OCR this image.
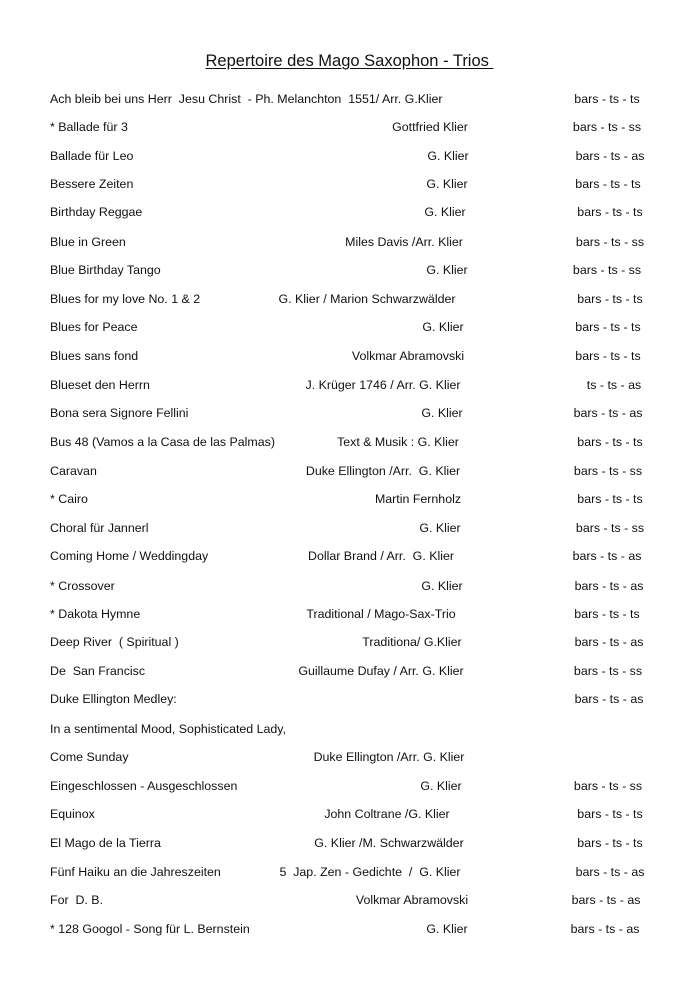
Repertoire des Mago Saxophon - Trios
Ach bleib bei uns Herr  Jesu Christ  - Ph. Melanchton  1551/ Arr. G.Klier	bars - ts - ts
* Ballade für 3	Gottfried Klier	bars - ts - ss
Ballade für Leo	G. Klier	bars - ts - as
Bessere Zeiten	G. Klier	bars - ts - ts
Birthday Reggae	G. Klier	bars - ts - ts
Blue in Green	Miles Davis /Arr. Klier	bars - ts - ss
Blue Birthday Tango	G. Klier	bars - ts - ss
Blues for my love No. 1 & 2	G. Klier / Marion Schwarzwälder	bars - ts - ts
Blues for Peace	G. Klier	bars - ts - ts
Blues sans fond	Volkmar Abramovski	bars - ts - ts
Blueset den Herrn	J. Krüger 1746 / Arr. G. Klier	ts - ts - as
Bona sera Signore Fellini	G. Klier	bars - ts - as
Bus 48 (Vamos a la Casa de las Palmas)	Text & Musik : G. Klier	bars - ts - ts
Caravan	Duke Ellington /Arr.  G. Klier	bars - ts - ss
* Cairo	Martin Fernholz	bars - ts - ts
Choral für Jannerl	G. Klier	bars - ts - ss
Coming Home / Weddingday	Dollar Brand / Arr.  G. Klier	bars - ts - as
* Crossover	G. Klier	bars - ts - as
* Dakota Hymne	Traditional / Mago-Sax-Trio	bars - ts - ts
Deep River  ( Spiritual )	Traditiona/ G.Klier	bars - ts - as
De  San Francisc	Guillaume Dufay / Arr. G. Klier	bars - ts - ss
Duke Ellington Medley:	bars - ts - as
In a sentimental Mood, Sophisticated Lady,
Come Sunday	Duke Ellington /Arr. G. Klier
Eingeschlossen - Ausgeschlossen	G. Klier	bars - ts - ss
Equinox	John Coltrane /G. Klier	bars - ts - ts
El Mago de la Tierra	G. Klier /M. Schwarzwälder	bars - ts - ts
Fünf Haiku an die Jahreszeiten	5  Jap. Zen - Gedichte  /  G. Klier	bars - ts - as
For  D. B.	Volkmar Abramovski	bars - ts - as
* 128 Googol - Song für L. Bernstein	G. Klier	bars - ts - as
